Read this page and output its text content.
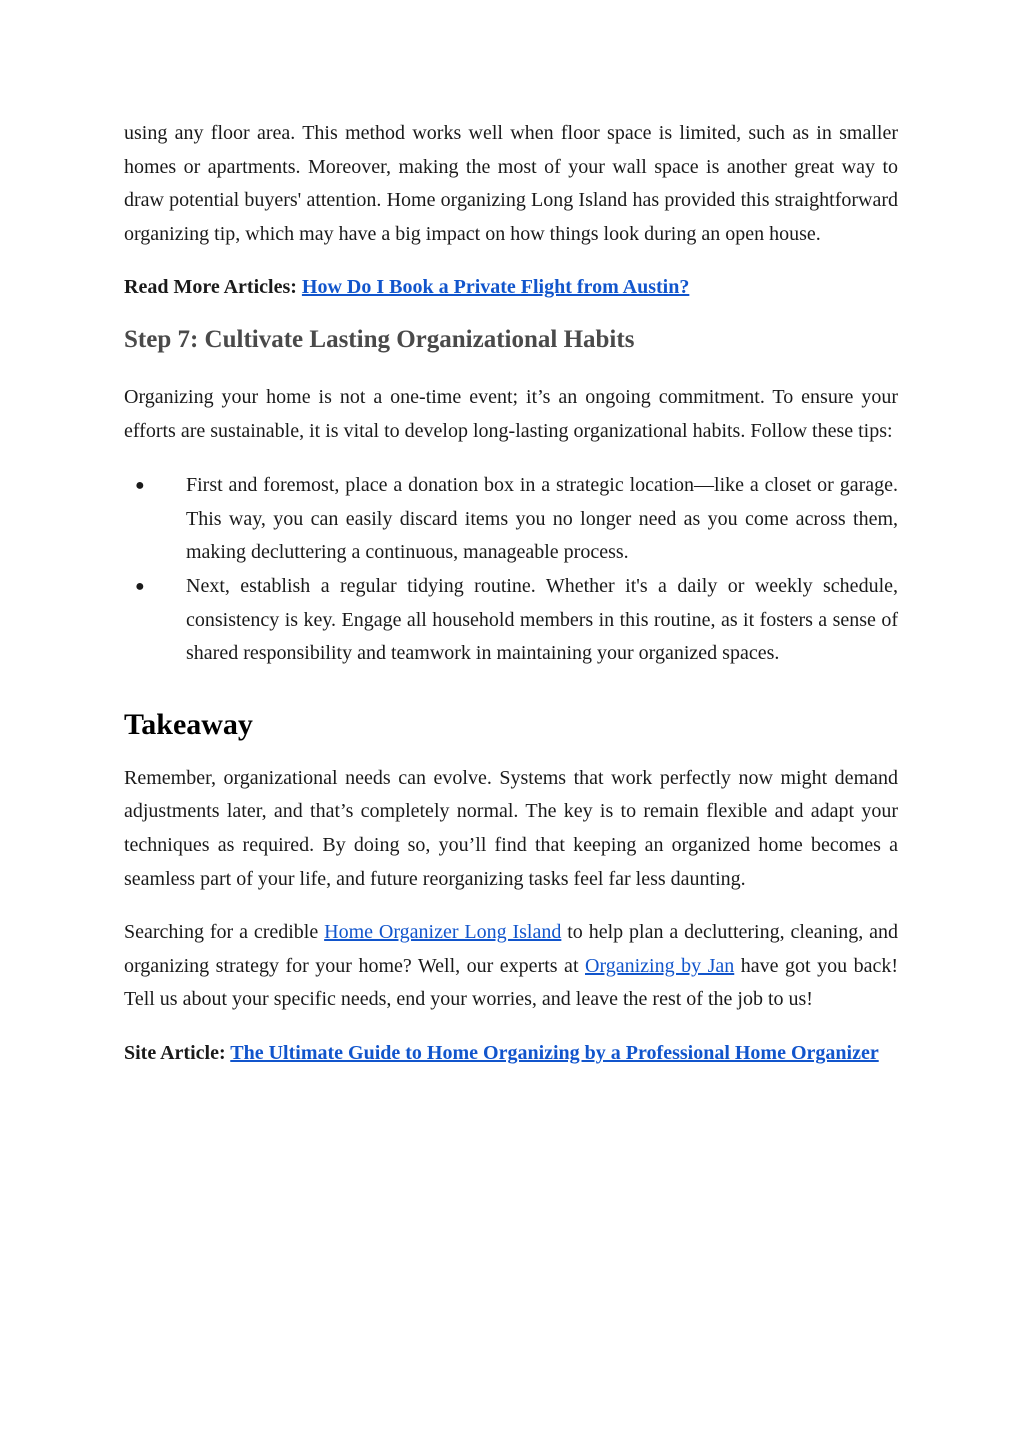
using any floor area. This method works well when floor space is limited, such as in smaller homes or apartments. Moreover, making the most of your wall space is another great way to draw potential buyers' attention. Home organizing Long Island has provided this straightforward organizing tip, which may have a big impact on how things look during an open house.

Read More Articles: How Do I Book a Private Flight from Austin?

Step 7: Cultivate Lasting Organizational Habits

Organizing your home is not a one-time event; it’s an ongoing commitment. To ensure your efforts are sustainable, it is vital to develop long-lasting organizational habits. Follow these tips:

● First and foremost, place a donation box in a strategic location—like a closet or garage. This way, you can easily discard items you no longer need as you come across them, making decluttering a continuous, manageable process.
● Next, establish a regular tidying routine. Whether it's a daily or weekly schedule, consistency is key. Engage all household members in this routine, as it fosters a sense of shared responsibility and teamwork in maintaining your organized spaces.
Takeaway

Remember, organizational needs can evolve. Systems that work perfectly now might demand adjustments later, and that’s completely normal. The key is to remain flexible and adapt your techniques as required. By doing so, you’ll find that keeping an organized home becomes a seamless part of your life, and future reorganizing tasks feel far less daunting.

Searching for a credible Home Organizer Long Island to help plan a decluttering, cleaning, and organizing strategy for your home? Well, our experts at Organizing by Jan have got you back! Tell us about your specific needs, end your worries, and leave the rest of the job to us!

Site Article: The Ultimate Guide to Home Organizing by a Professional Home Organizer
